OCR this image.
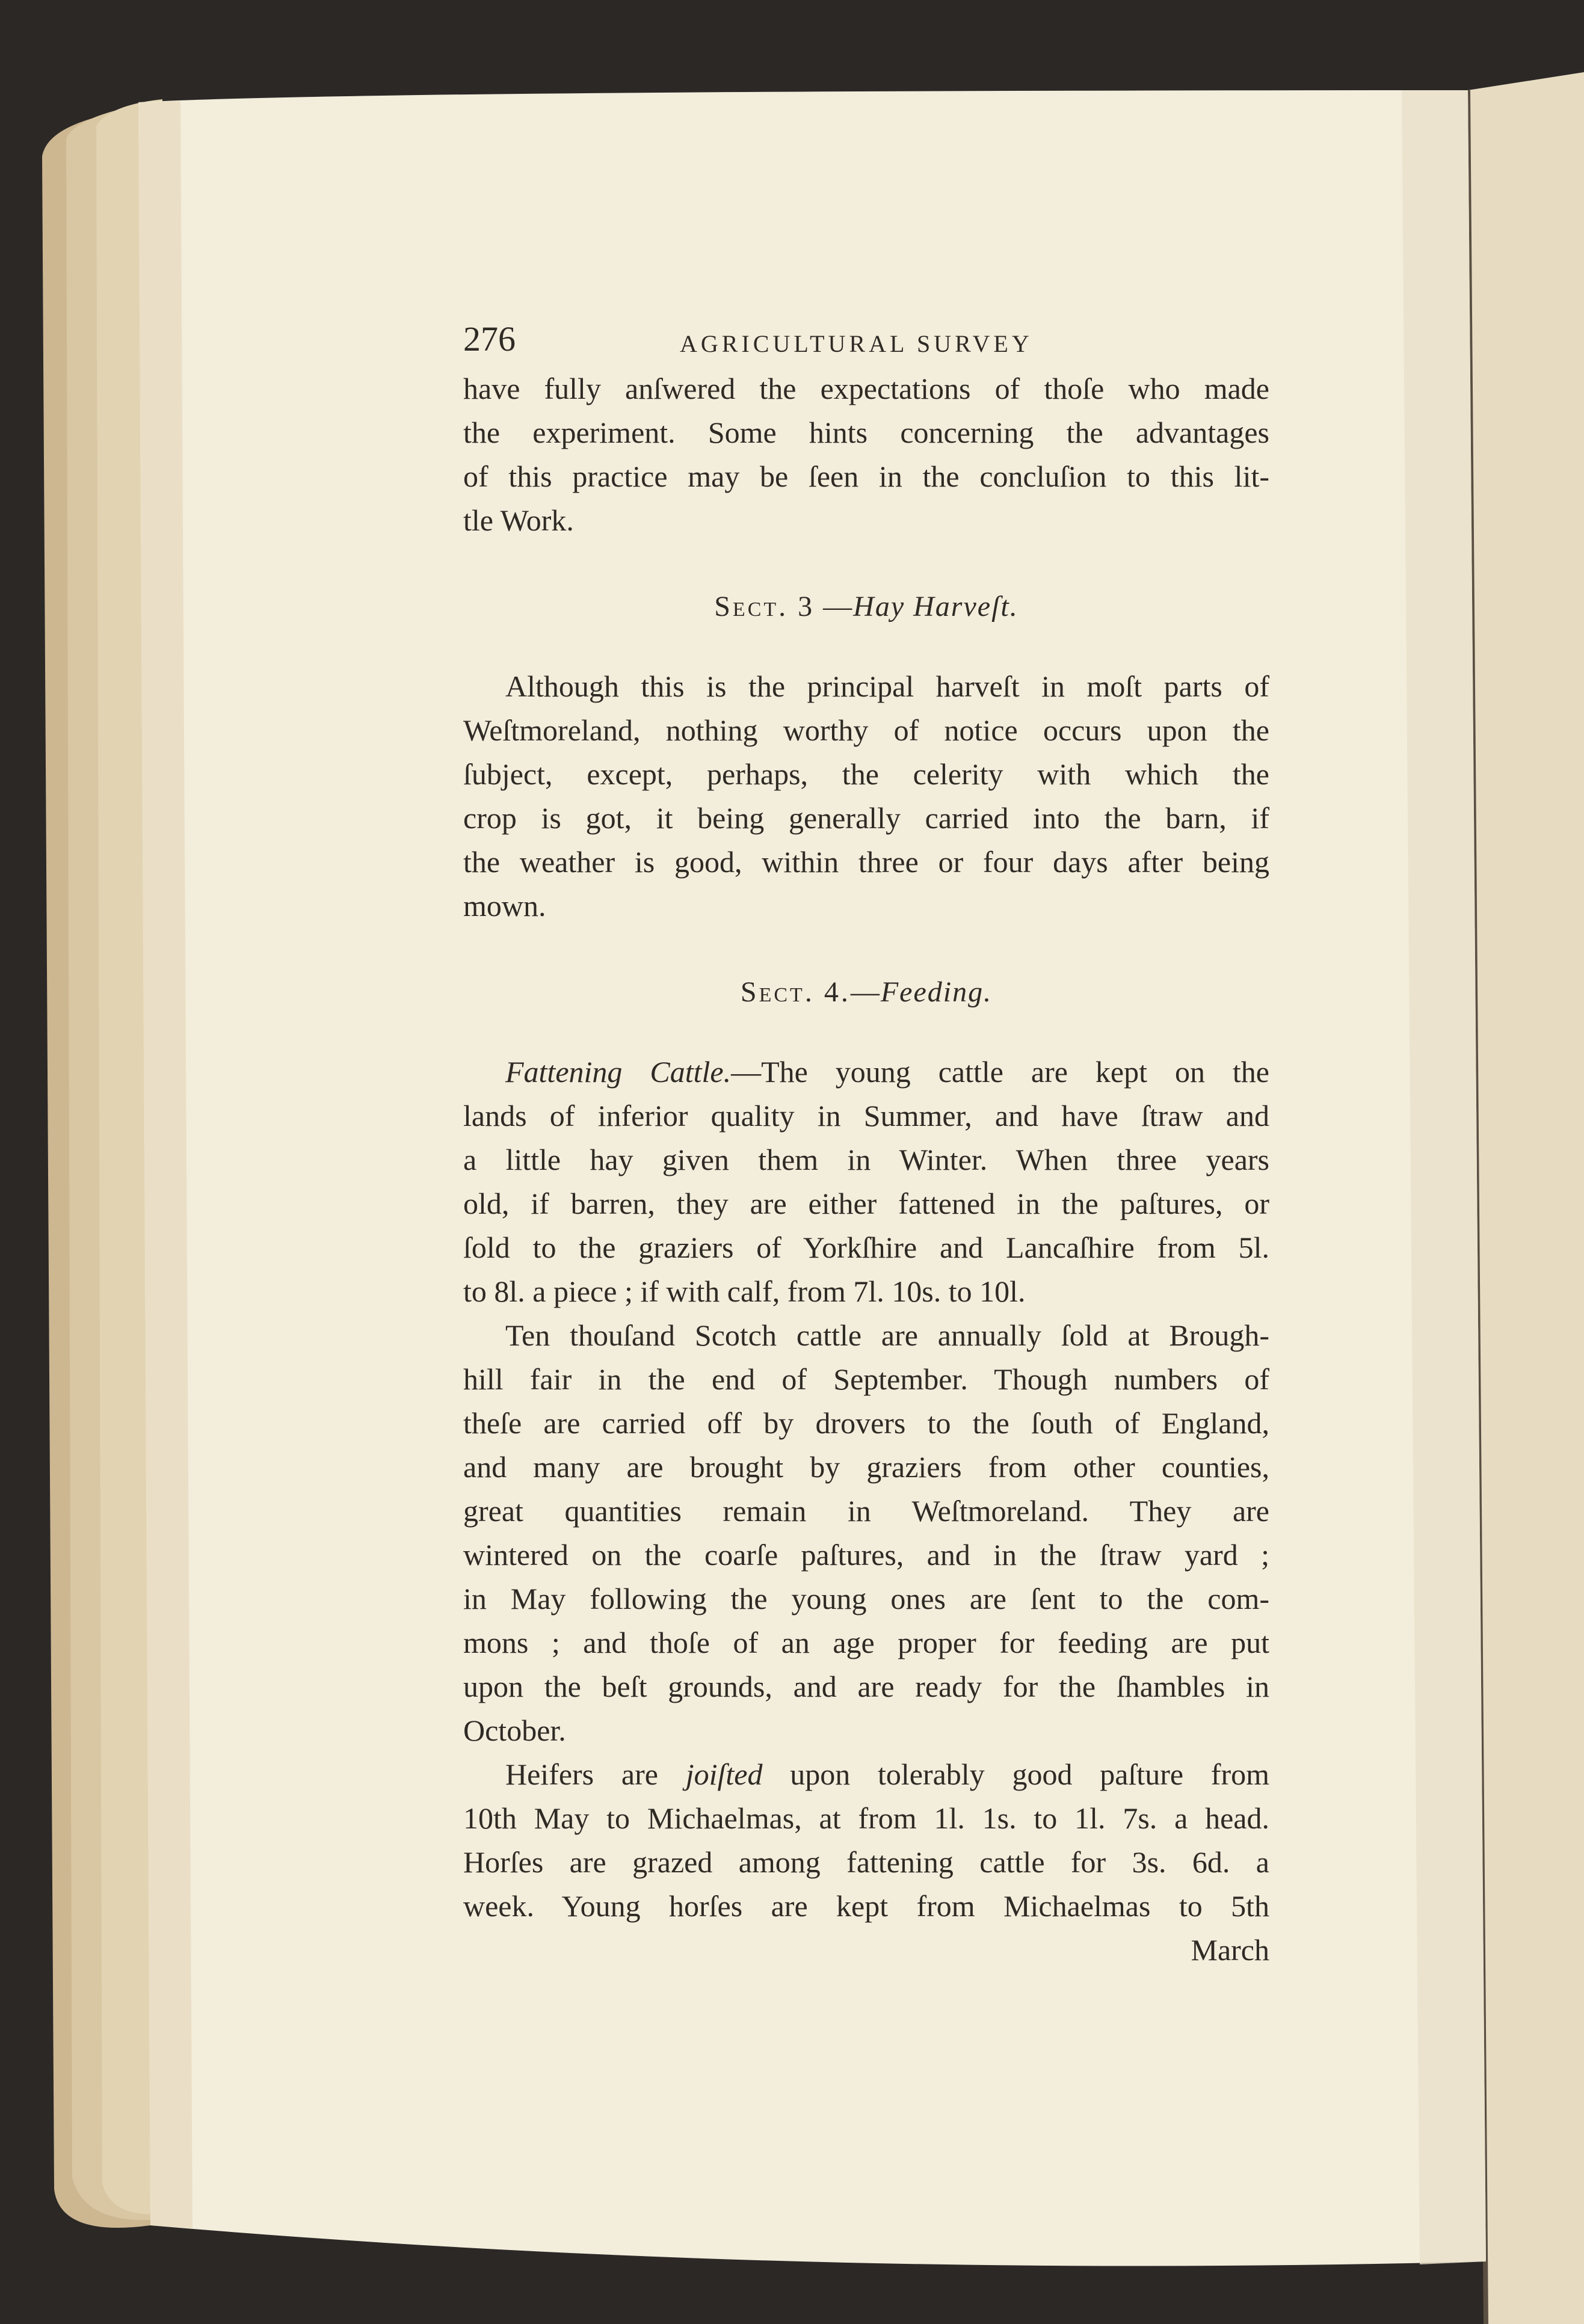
276	AGRICULTURAL SURVEY
have fully anſwered the expectations of thoſe who made
the experiment. Some hints concerning the advantages
of this practice may be ſeen in the concluſion to this lit-
tle Work.
Sect. 3 —Hay Harveſt.
Although this is the principal harveſt in moſt parts of
Weſtmoreland, nothing worthy of notice occurs upon the
ſubject, except, perhaps, the celerity with which the
crop is got, it being generally carried into the barn, if
the weather is good, within three or four days after being
mown.
Sect. 4.—Feeding.
Fattening Cattle.—The young cattle are kept on the
lands of inferior quality in Summer, and have ſtraw and
a little hay given them in Winter. When three years
old, if barren, they are either fattened in the paſtures, or
ſold to the graziers of Yorkſhire and Lancaſhire from 5l.
to 8l. a piece ; if with calf, from 7l. 10s. to 10l.
Ten thouſand Scotch cattle are annually ſold at Brough-
hill fair in the end of September. Though numbers of
theſe are carried off by drovers to the ſouth of England,
and many are brought by graziers from other counties,
great quantities remain in Weſtmoreland. They are
wintered on the coarſe paſtures, and in the ſtraw yard ;
in May following the young ones are ſent to the com-
mons ; and thoſe of an age proper for feeding are put
upon the beſt grounds, and are ready for the ſhambles in
October.
Heifers are joiſted upon tolerably good paſture from
10th May to Michaelmas, at from 1l. 1s. to 1l. 7s. a head.
Horſes are grazed among fattening cattle for 3s. 6d. a
week. Young horſes are kept from Michaelmas to 5th
March
